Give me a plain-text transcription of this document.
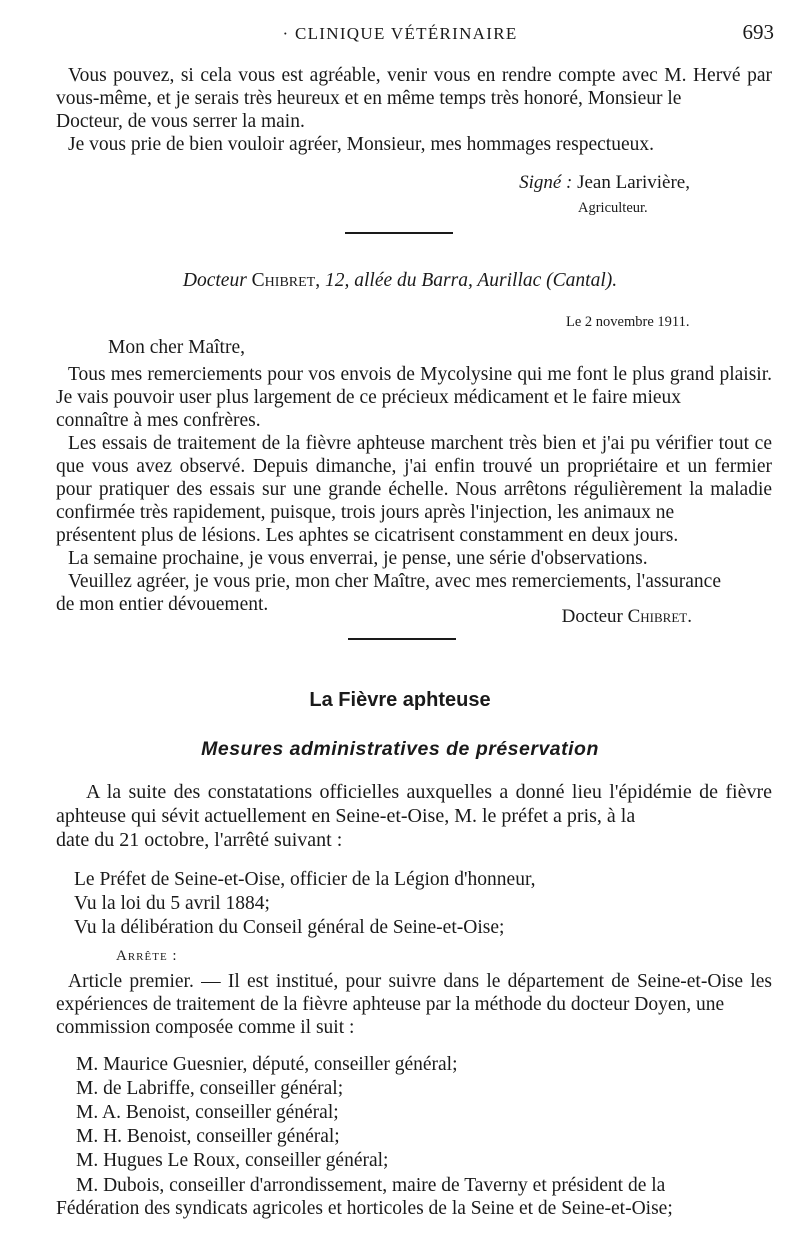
· CLINIQUE VÉTÉRINAIRE	693

Vous pouvez, si cela vous est agréable, venir vous en rendre compte avec M. Hervé par vous-même, et je serais très heureux et en même temps très honoré, Monsieur le

Docteur, de vous serrer la main.
Je vous prie de bien vouloir agréer, Monsieur, mes hommages respectueux.
Signé : Jean Larivière,
Agriculteur.
Docteur Chibret, 12, allée du Barra, Aurillac (Cantal).
Le 2 novembre 1911.
Mon cher Maître,

Tous mes remerciements pour vos envois de Mycolysine qui me font le plus grand plaisir. Je vais pouvoir user plus largement de ce précieux médicament et le faire mieux

connaître à mes confrères.

Les essais de traitement de la fièvre aphteuse marchent très bien et j'ai pu vérifier tout ce que vous avez observé. Depuis dimanche, j'ai enfin trouvé un propriétaire et un fermier pour pratiquer des essais sur une grande échelle. Nous arrêtons régulièrement la maladie confirmée très rapidement, puisque, trois jours après l'injection, les animaux ne

présentent plus de lésions. Les aphtes se cicatrisent constamment en deux jours.
La semaine prochaine, je vous enverrai, je pense, une série d'observations.

Veuillez agréer, je vous prie, mon cher Maître, avec mes remerciements, l'assurance

de mon entier dévouement.
Docteur Chibret.
La Fièvre aphteuse
Mesures administratives de préservation

A la suite des constatations officielles auxquelles a donné lieu l'épidémie de fièvre aphteuse qui sévit actuellement en Seine-et-Oise, M. le préfet a pris, à la

date du 21 octobre, l'arrêté suivant :
Le Préfet de Seine-et-Oise, officier de la Légion d'honneur,
Vu la loi du 5 avril 1884;
Vu la délibération du Conseil général de Seine-et-Oise;
Arrête :

Article premier. — Il est institué, pour suivre dans le département de Seine-et-Oise les expériences de traitement de la fièvre aphteuse par la méthode du docteur Doyen, une

commission composée comme il suit :
M. Maurice Guesnier, député, conseiller général;
M. de Labriffe, conseiller général;
M. A. Benoist, conseiller général;
M. H. Benoist, conseiller général;
M. Hugues Le Roux, conseiller général;

M. Dubois, conseiller d'arrondissement, maire de Taverny et président de la

Fédération des syndicats agricoles et horticoles de la Seine et de Seine-et-Oise;
